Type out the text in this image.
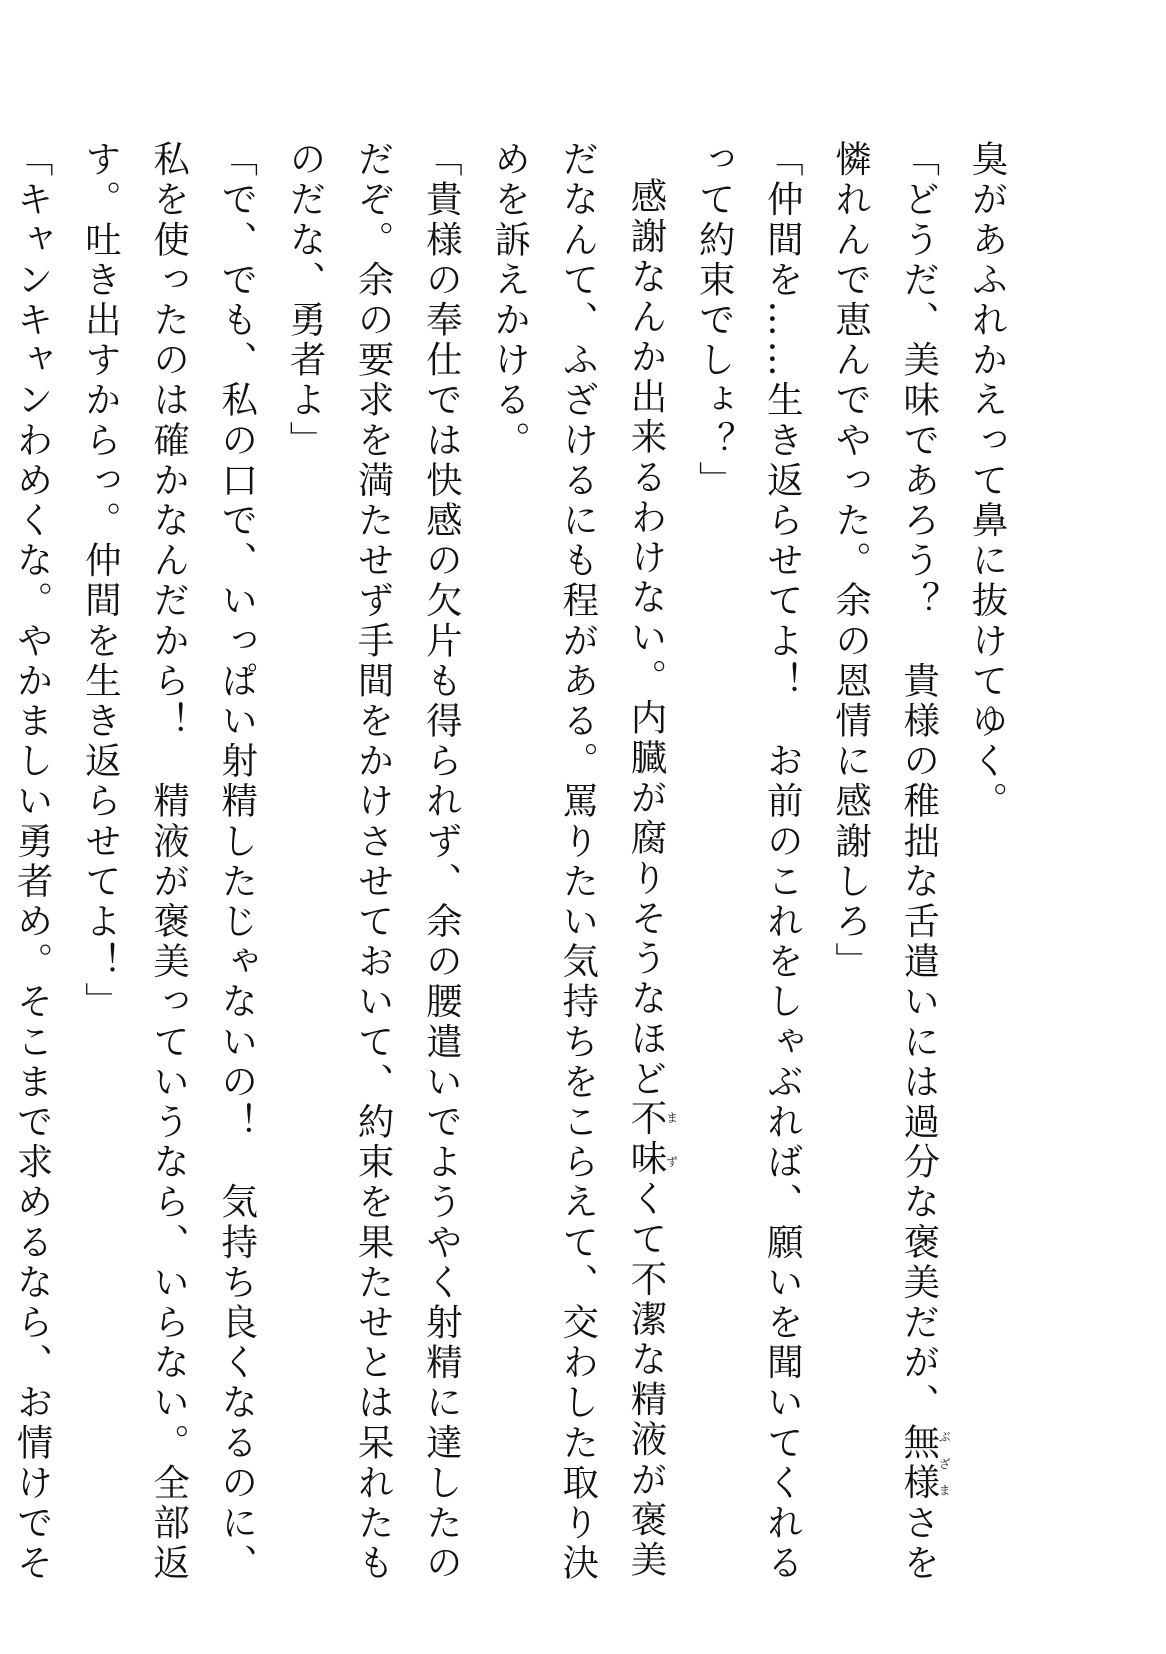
臭があふれかえって鼻に抜けてゆく。

「どうだ、美味であろう？　貴様の稚拙な舌遣いには過分な褒美だが、無様ぶざまさを

憐れんで恵んでやった。余の恩情に感謝しろ」

「仲間を……生き返らせてよ！　お前のこれをしゃぶれば、願いを聞いてくれる

って約束でしょ？」

感謝なんか出来るわけない。内臓が腐りそうなほど不味まずくて不潔な精液が褒美

だなんて、ふざけるにも程がある。罵りたい気持ちをこらえて、交わした取り決

めを訴えかける。

「貴様の奉仕では快感の欠片も得られず、余の腰遣いでようやく射精に達したの

だぞ。余の要求を満たせず手間をかけさせておいて、約束を果たせとは呆れたも

のだな、勇者よ」

「で、でも、私の口で、いっぱい射精したじゃないの！　気持ち良くなるのに、

私を使ったのは確かなんだから！　精液が褒美っていうなら、いらない。全部返

す。吐き出すからっ。仲間を生き返らせてよ！」

「キャンキャンわめくな。やかましい勇者め。そこまで求めるなら、お情けでそ
